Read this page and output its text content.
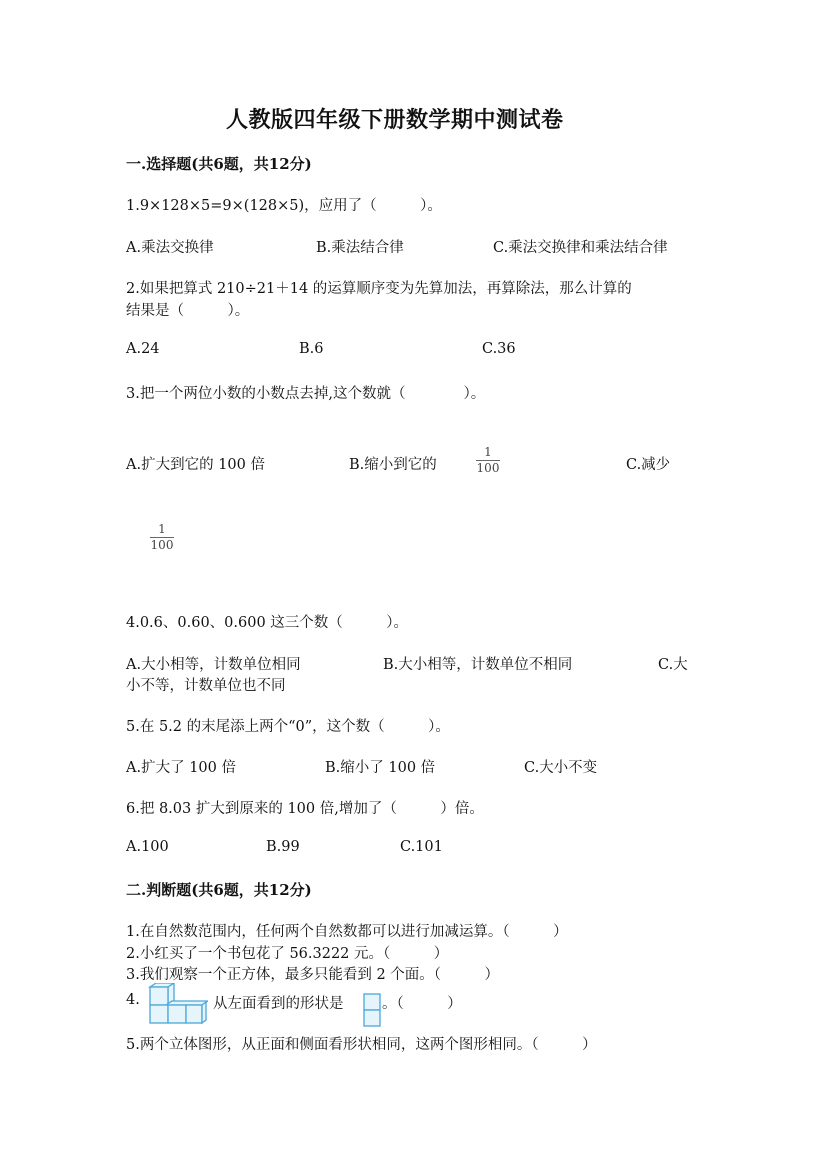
人教版四年级下册数学期中测试卷
一.选择题(共6题，共12分)
1.9×128×5=9×(128×5)，应用了（　　　）。
A.乘法交换律	B.乘法结合律	C.乘法交换律和乘法结合律
2.如果把算式 210÷21＋14 的运算顺序变为先算加法，再算除法，那么计算的
结果是（　　　）。
A.24	B.6	C.36
3.把一个两位小数的小数点去掉,这个数就（　　　　）。
A.扩大到它的 100 倍	B.缩小到它的
1
100	C.减少
1
100
4.0.6、0.60、0.600 这三个数（　　　）。
A.大小相等，计数单位相同	B.大小相等，计数单位不相同	C.大
小不等，计数单位也不同
5.在 5.2 的末尾添上两个“0”，这个数（　　　）。
A.扩大了 100 倍	B.缩小了 100 倍	C.大小不变
6.把 8.03 扩大到原来的 100 倍,增加了（　　　）倍。
A.100	B.99	C.101
二.判断题(共6题，共12分)
1.在自然数范围内，任何两个自然数都可以进行加减运算。（　　　）
2.小红买了一个书包花了 56.3222 元。（　　　）
3.我们观察一个正方体，最多只能看到 2 个面。（　　　）
4.	从左面看到的形状是	。（　　　）
5.两个立体图形，从正面和侧面看形状相同，这两个图形相同。（　　　）
